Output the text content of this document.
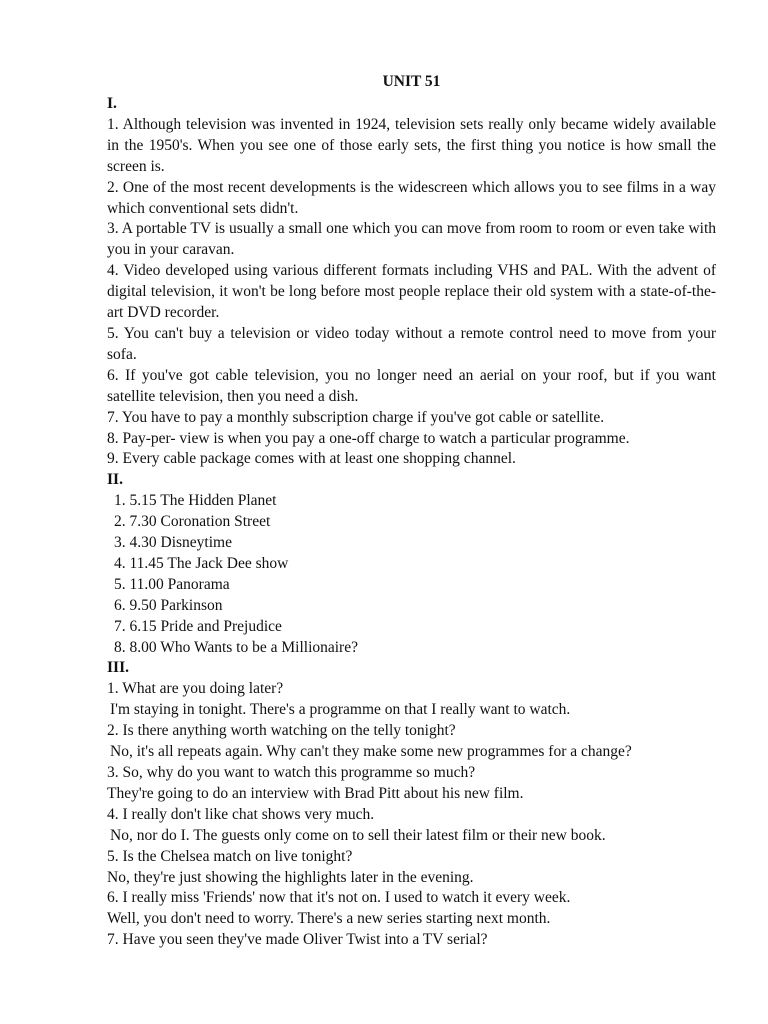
UNIT 51

I.

1. Although television was invented in 1924, television sets really only became widely available in the 1950's. When you see one of those early sets, the first thing you notice is how small the screen is.

2. One of the most recent developments is the widescreen which allows you to see films in a way which conventional sets didn't.

3. A portable TV is usually a small one which you can move from room to room or even take with you in your caravan.

4. Video developed using various different formats including VHS and PAL. With the advent of digital television, it won't be long before most people replace their old system with a state-of-the-art DVD recorder.

5. You can't buy a television or video today without a remote control need to move from your sofa.

6. If you've got cable television, you no longer need an aerial on your roof, but if you want satellite television, then you need a dish.

7. You have to pay a monthly subscription charge if you've got cable or satellite.

8. Pay-per- view is when you pay a one-off charge to watch a particular programme.

9. Every cable package comes with at least one shopping channel.

II.

1. 5.15 The Hidden Planet

2. 7.30 Coronation Street

3. 4.30 Disneytime

4. 11.45 The Jack Dee show

5. 11.00 Panorama

6. 9.50 Parkinson

7. 6.15 Pride and Prejudice

8. 8.00 Who Wants to be a Millionaire?

III.

1. What are you doing later?

I'm staying in tonight. There's a programme on that I really want to watch.

2. Is there anything worth watching on the telly tonight?

No, it's all repeats again. Why can't they make some new programmes for a change?

3. So, why do you want to watch this programme so much?

They're going to do an interview with Brad Pitt about his new film.

4. I really don't like chat shows very much.

No, nor do I. The guests only come on to sell their latest film or their new book.

5. Is the Chelsea match on live tonight?

No, they're just showing the highlights later in the evening.

6. I really miss 'Friends' now that it's not on. I used to watch it every week.

Well, you don't need to worry. There's a new series starting next month.

7. Have you seen they've made Oliver Twist into a TV serial?
